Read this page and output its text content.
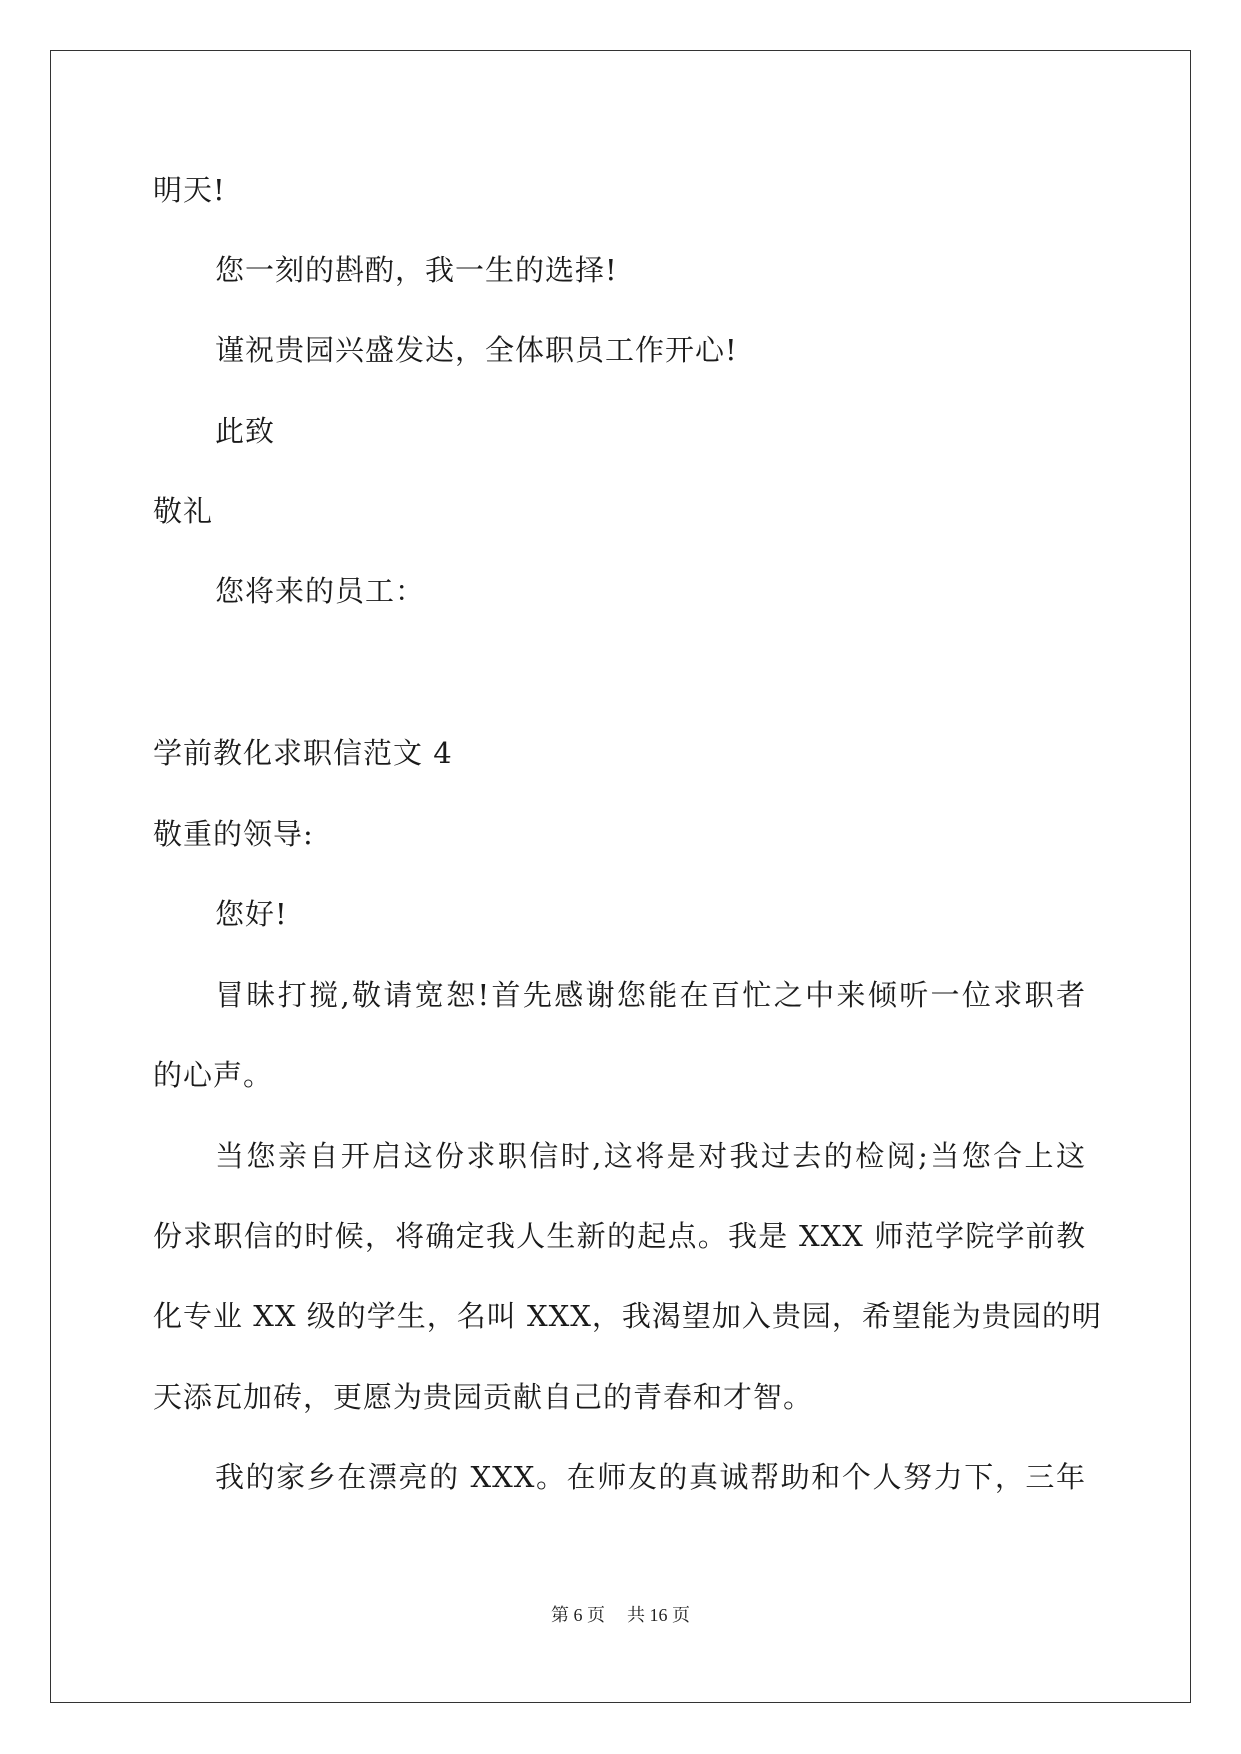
明天!
您一刻的斟酌，我一生的选择!
谨祝贵园兴盛发达，全体职员工作开心!
此致
敬礼
您将来的员工：
学前教化求职信范文 4
敬重的领导:
您好!
冒昧打搅,敬请宽恕!首先感谢您能在百忙之中来倾听一位求职者
的心声。
当您亲自开启这份求职信时,这将是对我过去的检阅;当您合上这
份求职信的时候，将确定我人生新的起点。我是 XXX 师范学院学前教
化专业 XX 级的学生，名叫 XXX，我渴望加入贵园，希望能为贵园的明
天添瓦加砖，更愿为贵园贡献自己的青春和才智。
我的家乡在漂亮的 XXX。在师友的真诚帮助和个人努力下，三年
第 6 页 共 16 页
